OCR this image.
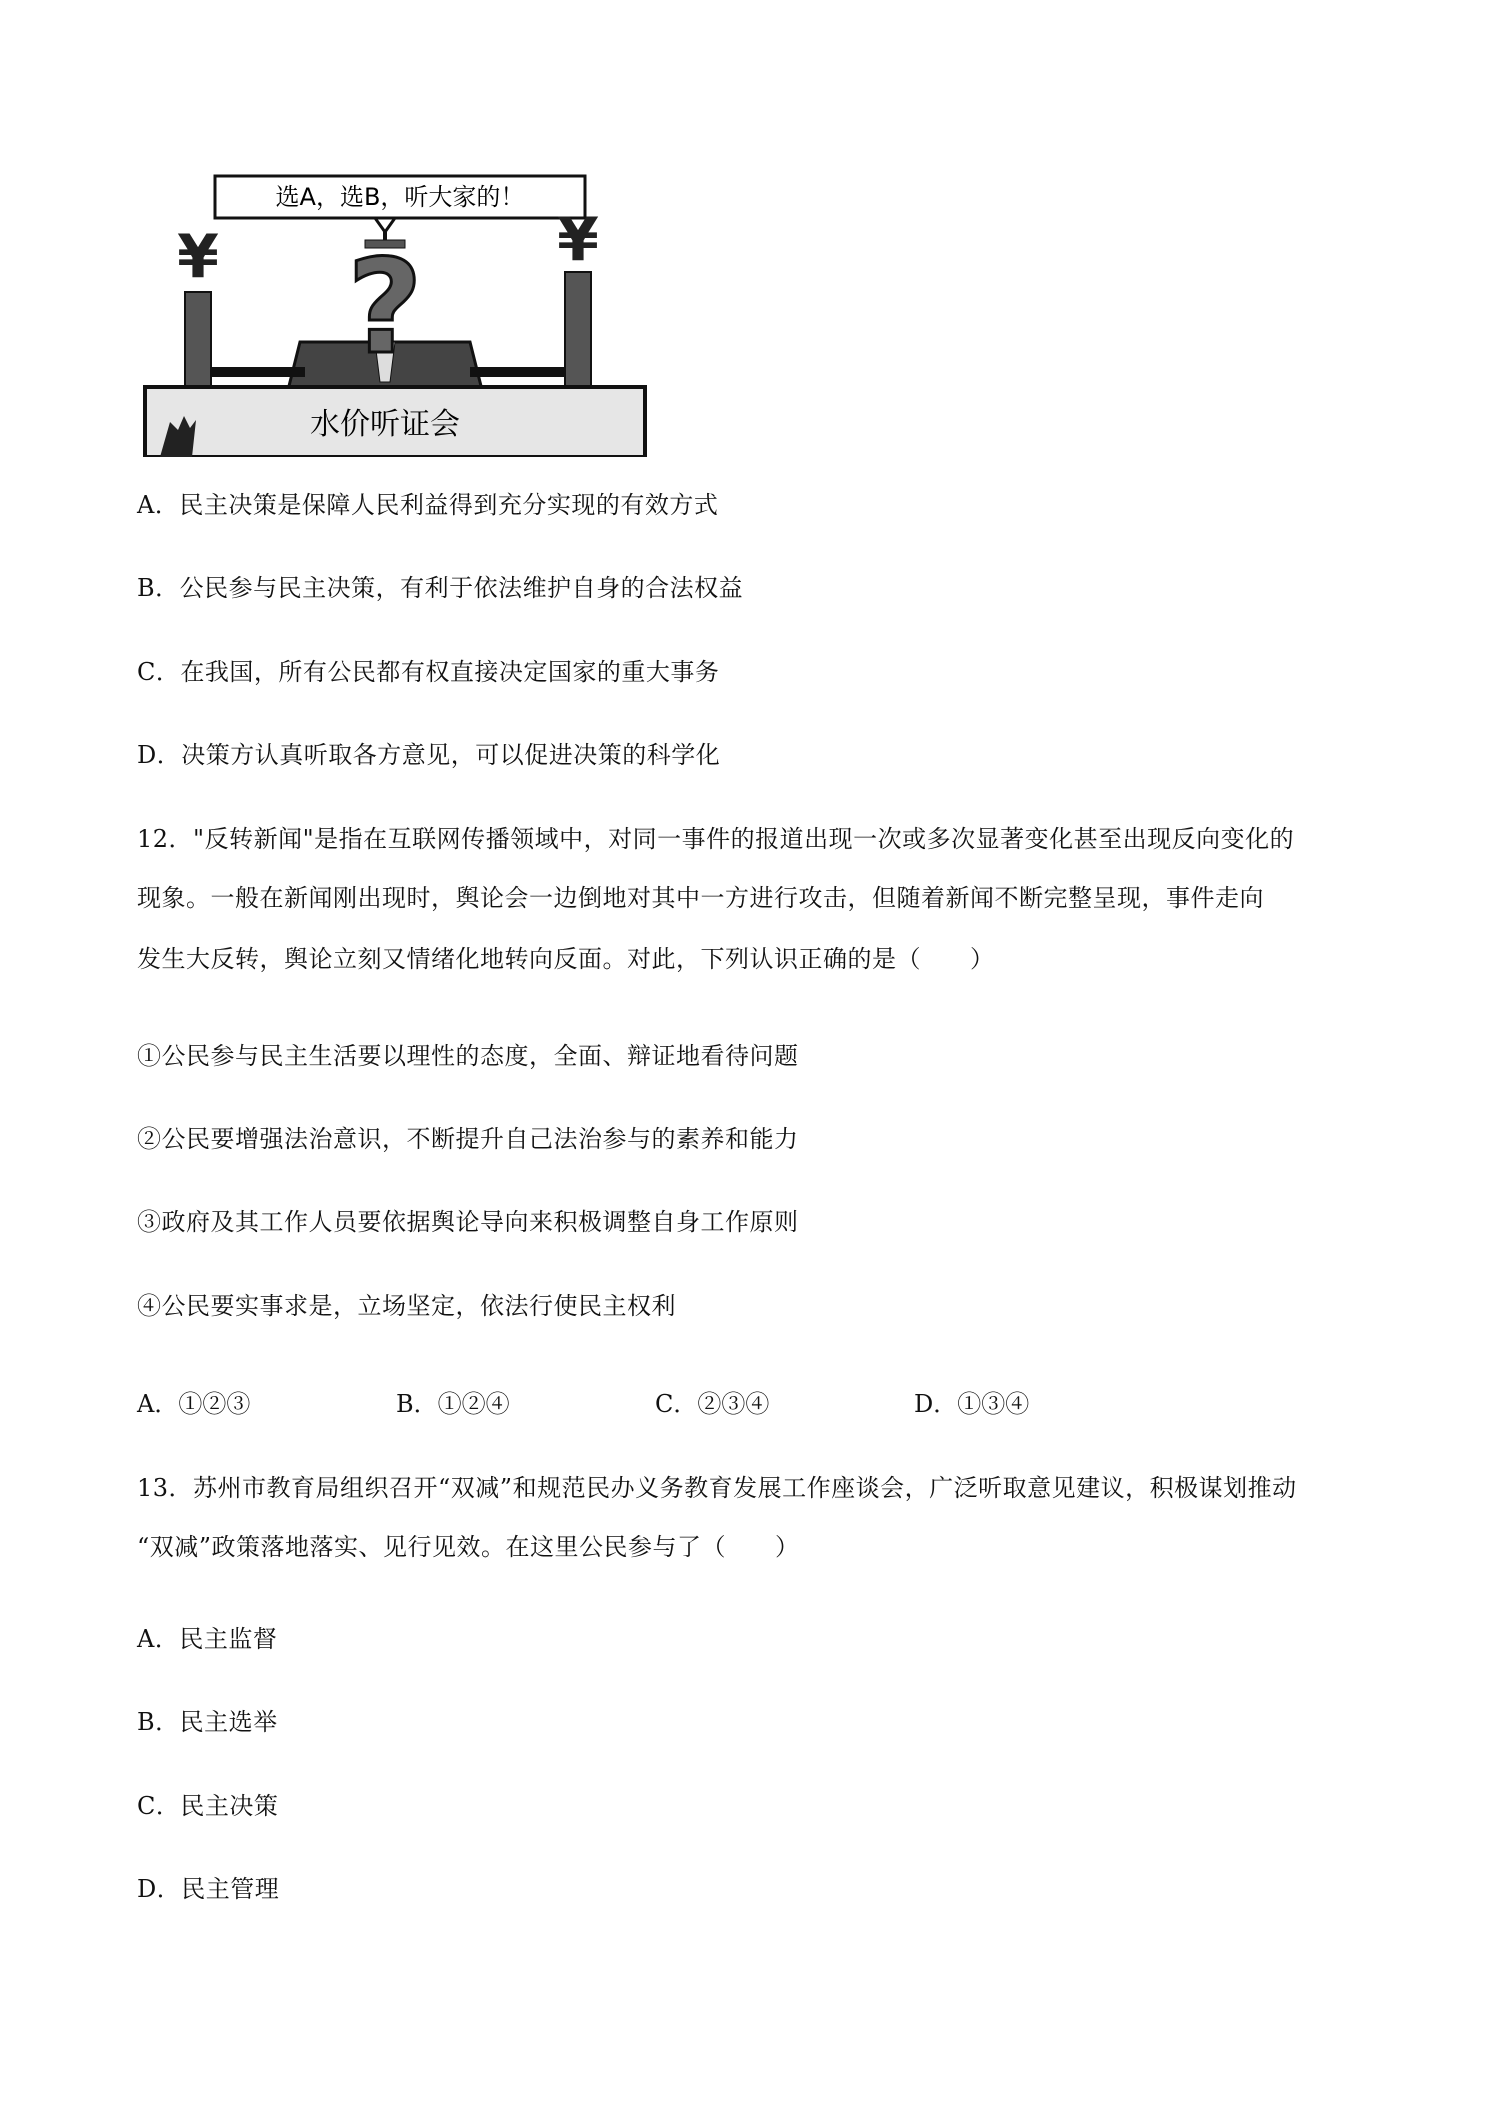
选A，选B，听大家的！
?
¥	¥
水价听证会
A．民主决策是保障人民利益得到充分实现的有效方式
B．公民参与民主决策，有利于依法维护自身的合法权益
C．在我国，所有公民都有权直接决定国家的重大事务
D．决策方认真听取各方意见，可以促进决策的科学化
12．"反转新闻"是指在互联网传播领域中，对同一事件的报道出现一次或多次显著变化甚至出现反向变化的
现象。一般在新闻刚出现时，舆论会一边倒地对其中一方进行攻击，但随着新闻不断完整呈现，事件走向
发生大反转，舆论立刻又情绪化地转向反面。对此，下列认识正确的是（　　）
①公民参与民主生活要以理性的态度，全面、辩证地看待问题
②公民要增强法治意识，不断提升自己法治参与的素养和能力
③政府及其工作人员要依据舆论导向来积极调整自身工作原则
④公民要实事求是，立场坚定，依法行使民主权利
A．①②③	B．①②④	C．②③④	D．①③④
13．苏州市教育局组织召开“双减”和规范民办义务教育发展工作座谈会，广泛听取意见建议，积极谋划推动
“双减”政策落地落实、见行见效。在这里公民参与了（　　）
A．民主监督
B．民主选举
C．民主决策
D．民主管理
